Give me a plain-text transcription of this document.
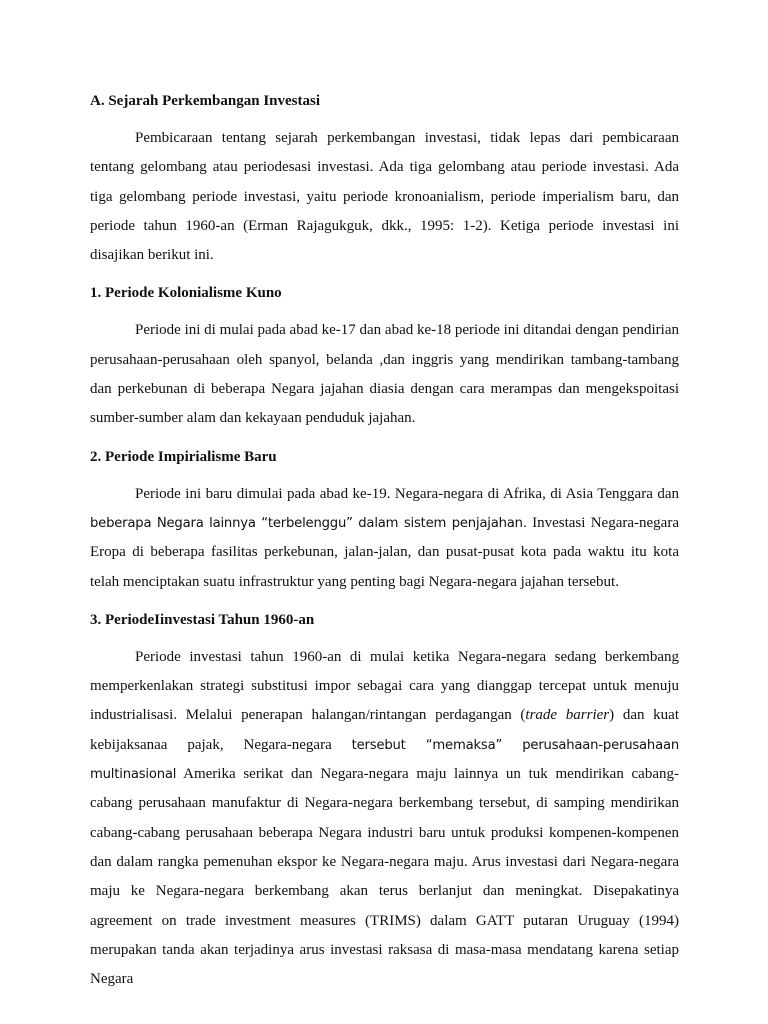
A. Sejarah Perkembangan Investasi

Pembicaraan tentang sejarah perkembangan investasi, tidak lepas dari pembicaraan tentang gelombang atau periodesasi investasi. Ada tiga gelombang atau periode investasi. Ada tiga gelombang periode investasi, yaitu periode kronoanialism, periode imperialism baru, dan periode tahun 1960-an (Erman Rajagukguk, dkk., 1995: 1-2). Ketiga periode investasi ini disajikan berikut ini.

1. Periode Kolonialisme Kuno

Periode ini di mulai pada abad ke-17 dan abad ke-18 periode ini ditandai dengan pendirian perusahaan-perusahaan oleh spanyol, belanda ,dan inggris yang mendirikan tambang-tambang dan perkebunan di beberapa Negara jajahan diasia dengan cara merampas dan mengekspoitasi sumber-sumber alam dan kekayaan penduduk jajahan.

2. Periode Impirialisme Baru

Periode ini baru dimulai pada abad ke-19. Negara-negara di Afrika, di Asia Tenggara dan beberapa Negara lainnya “terbelenggu” dalam sistem penjajahan. Investasi Negara-negara Eropa di beberapa fasilitas perkebunan, jalan-jalan, dan pusat-pusat kota pada waktu itu kota telah menciptakan suatu infrastruktur yang penting bagi Negara-negara jajahan tersebut.

3. PeriodeIinvestasi Tahun 1960-an

Periode investasi tahun 1960-an di mulai ketika Negara-negara sedang berkembang memperkenlakan strategi substitusi impor sebagai cara yang dianggap tercepat untuk menuju industrialisasi. Melalui penerapan halangan/rintangan perdagangan (trade barrier) dan kuat kebijaksanaa pajak, Negara-negara tersebut “memaksa” perusahaan-perusahaan multinasional Amerika serikat dan Negara-negara maju lainnya un tuk mendirikan cabang-cabang perusahaan manufaktur di Negara-negara berkembang tersebut, di samping mendirikan cabang-cabang perusahaan beberapa Negara industri baru untuk produksi kompenen-kompenen dan dalam rangka pemenuhan ekspor ke Negara-negara maju. Arus investasi dari Negara-negara maju ke Negara-negara berkembang akan terus berlanjut dan meningkat. Disepakatinya agreement on trade investment measures (TRIMS) dalam GATT putaran Uruguay (1994) merupakan tanda akan terjadinya arus investasi raksasa di masa-masa mendatang karena setiap Negara
